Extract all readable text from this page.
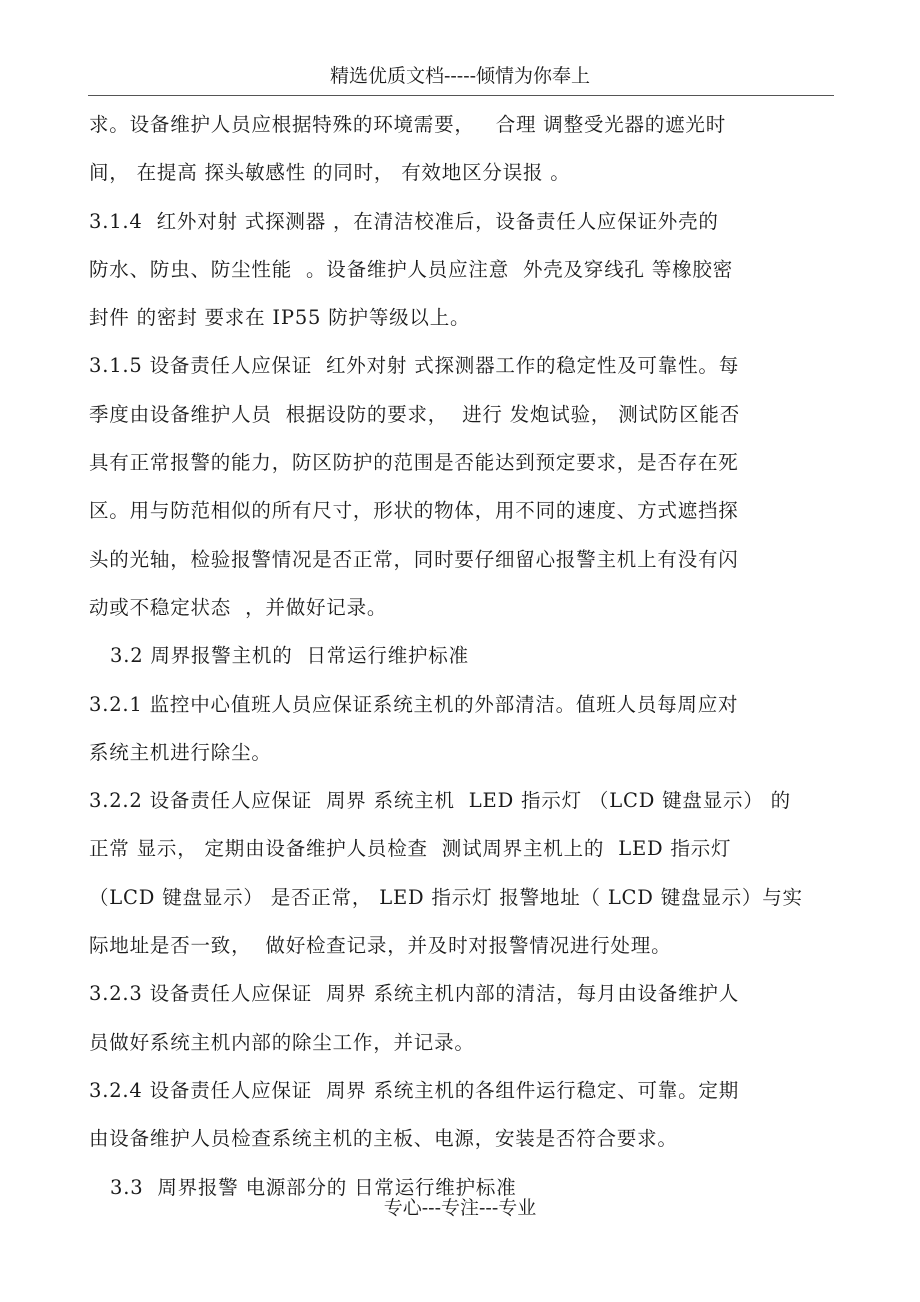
精选优质文档-----倾情为你奉上
求。设备维护人员应根据特殊的环境需要，   合理 调整受光器的遮光时
间， 在提高 探头敏感性 的同时， 有效地区分误报 。
3.1.4  红外对射 式探测器 ，在清洁校准后，设备责任人应保证外壳的
防水、防虫、防尘性能  。设备维护人员应注意  外壳及穿线孔 等橡胶密
封件 的密封 要求在 IP55 防护等级以上。
3.1.5 设备责任人应保证  红外对射 式探测器工作的稳定性及可靠性。每
季度由设备维护人员  根据设防的要求，  进行 发炮试验， 测试防区能否
具有正常报警的能力，防区防护的范围是否能达到预定要求，是否存在死
区。用与防范相似的所有尺寸，形状的物体，用不同的速度、方式遮挡探
头的光轴，检验报警情况是否正常，同时要仔细留心报警主机上有没有闪
动或不稳定状态  ，并做好记录。
3.2 周界报警主机的  日常运行维护标准
3.2.1 监控中心值班人员应保证系统主机的外部清洁。值班人员每周应对
系统主机进行除尘。
3.2.2 设备责任人应保证  周界 系统主机  LED 指示灯 （LCD 键盘显示） 的
正常 显示， 定期由设备维护人员检查  测试周界主机上的  LED 指示灯
（LCD 键盘显示） 是否正常， LED 指示灯 报警地址（ LCD 键盘显示）与实
际地址是否一致，  做好检查记录，并及时对报警情况进行处理。
3.2.3 设备责任人应保证  周界 系统主机内部的清洁，每月由设备维护人
员做好系统主机内部的除尘工作，并记录。
3.2.4 设备责任人应保证  周界 系统主机的各组件运行稳定、可靠。定期
由设备维护人员检查系统主机的主板、电源，安装是否符合要求。
3.3  周界报警 电源部分的 日常运行维护标准
专心---专注---专业
